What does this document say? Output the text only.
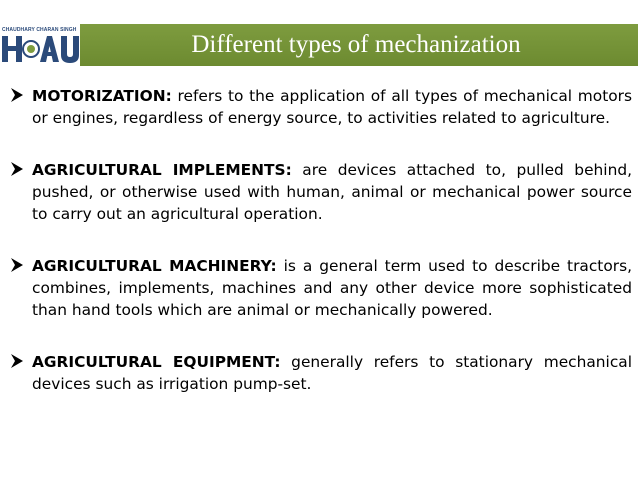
CHAUDHARY CHARAN SINGH
Different types of mechanization
MOTORIZATION: refers to the application of all types of mechanical motors or engines, regardless of energy source, to activities related to agriculture.
AGRICULTURAL IMPLEMENTS: are devices attached to, pulled behind, pushed, or otherwise used with human, animal or mechanical power source to carry out an agricultural operation.
AGRICULTURAL MACHINERY: is a general term used to describe tractors, combines, implements, machines and any other device more sophisticated than hand tools which are animal or mechanically powered.
AGRICULTURAL EQUIPMENT: generally refers to stationary mechanical devices such as irrigation pump-set.
